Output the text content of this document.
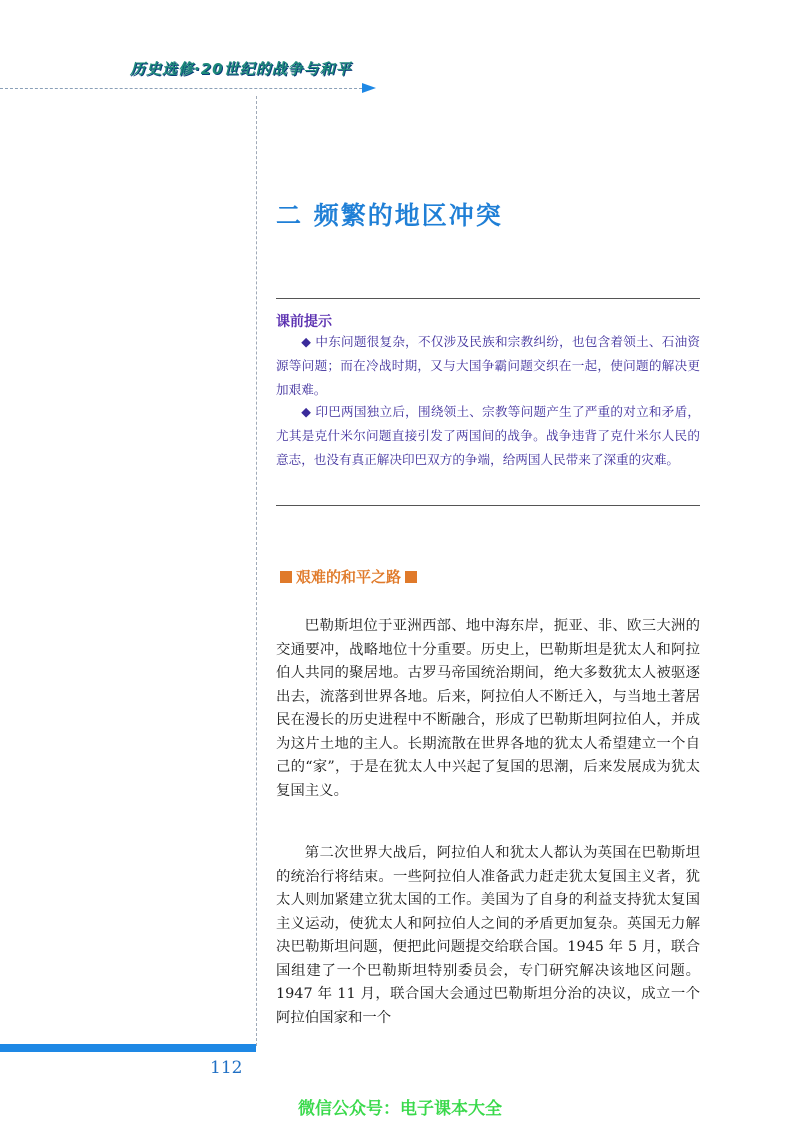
历史选修·20世纪的战争与和平
二 频繁的地区冲突
课前提示

◆ 中东问题很复杂，不仅涉及民族和宗教纠纷，也包含着领土、石油资源等问题；而在冷战时期，又与大国争霸问题交织在一起，使问题的解决更加艰难。

◆ 印巴两国独立后，围绕领土、宗教等问题产生了严重的对立和矛盾，尤其是克什米尔问题直接引发了两国间的战争。战争违背了克什米尔人民的意志，也没有真正解决印巴双方的争端，给两国人民带来了深重的灾难。

艰难的和平之路

巴勒斯坦位于亚洲西部、地中海东岸，扼亚、非、欧三大洲的交通要冲，战略地位十分重要。历史上，巴勒斯坦是犹太人和阿拉伯人共同的聚居地。古罗马帝国统治期间，绝大多数犹太人被驱逐出去，流落到世界各地。后来，阿拉伯人不断迁入，与当地土著居民在漫长的历史进程中不断融合，形成了巴勒斯坦阿拉伯人，并成为这片土地的主人。长期流散在世界各地的犹太人希望建立一个自己的“家”，于是在犹太人中兴起了复国的思潮，后来发展成为犹太复国主义。

第二次世界大战后，阿拉伯人和犹太人都认为英国在巴勒斯坦的统治行将结束。一些阿拉伯人准备武力赶走犹太复国主义者，犹太人则加紧建立犹太国的工作。美国为了自身的利益支持犹太复国主义运动，使犹太人和阿拉伯人之间的矛盾更加复杂。英国无力解决巴勒斯坦问题，便把此问题提交给联合国。1945 年 5 月，联合国组建了一个巴勒斯坦特别委员会，专门研究解决该地区问题。1947 年 11 月，联合国大会通过巴勒斯坦分治的决议，成立一个阿拉伯国家和一个

112
微信公众号：电子课本大全
